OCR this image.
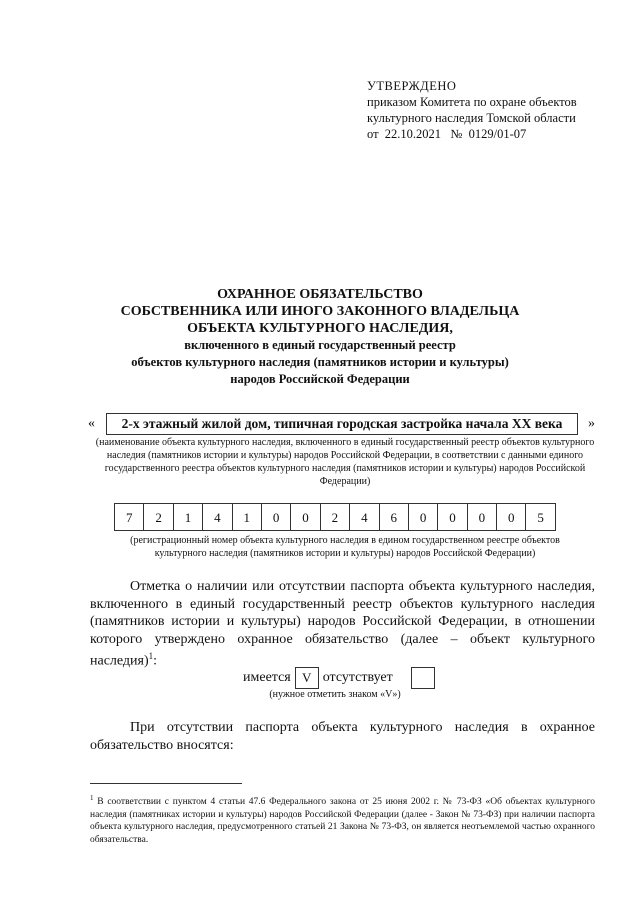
УТВЕРЖДЕНО
приказом Комитета по охране объектов
культурного наследия Томской области
от  22.10.2021   №  0129/01-07
ОХРАННОЕ ОБЯЗАТЕЛЬСТВО
СОБСТВЕННИКА ИЛИ ИНОГО ЗАКОННОГО ВЛАДЕЛЬЦА
ОБЪЕКТА КУЛЬТУРНОГО НАСЛЕДИЯ,
включенного в единый государственный реестр
объектов культурного наследия (памятников истории и культуры)
народов Российской Федерации
«	2-х этажный жилой дом, типичная городская застройка начала XX века	»
(наименование объекта культурного наследия, включенного в единый государственный реестр объектов культурного наследия (памятников истории и культуры) народов Российской Федерации, в соответствии с данными единого государственного реестра объектов культурного наследия (памятников истории и культуры) народов Российской Федерации)
7	2	1	4	1	0	0	2	4	6	0	0	0	0	5
(регистрационный номер объекта культурного наследия в едином государственном реестре объектов культурного наследия (памятников истории и культуры) народов Российской Федерации)
Отметка о наличии или отсутствии паспорта объекта культурного наследия, включенного в единый государственный реестр объектов культурного наследия (памятников истории и культуры) народов Российской Федерации, в отношении которого утверждено охранное обязательство (далее – объект культурного наследия)$^1$:
имеется V отсутствует
(нужное отметить знаком «V»)
При отсутствии паспорта объекта культурного наследия в охранное обязательство вносятся:
$^1$ В соответствии с пунктом 4 статьи 47.6 Федерального закона от 25 июня 2002 г. № 73-ФЗ «Об объектах культурного наследия (памятниках истории и культуры) народов Российской Федерации (далее - Закон № 73-ФЗ) при наличии паспорта объекта культурного наследия, предусмотренного статьей 21 Закона № 73-ФЗ, он является неотъемлемой частью охранного обязательства.
